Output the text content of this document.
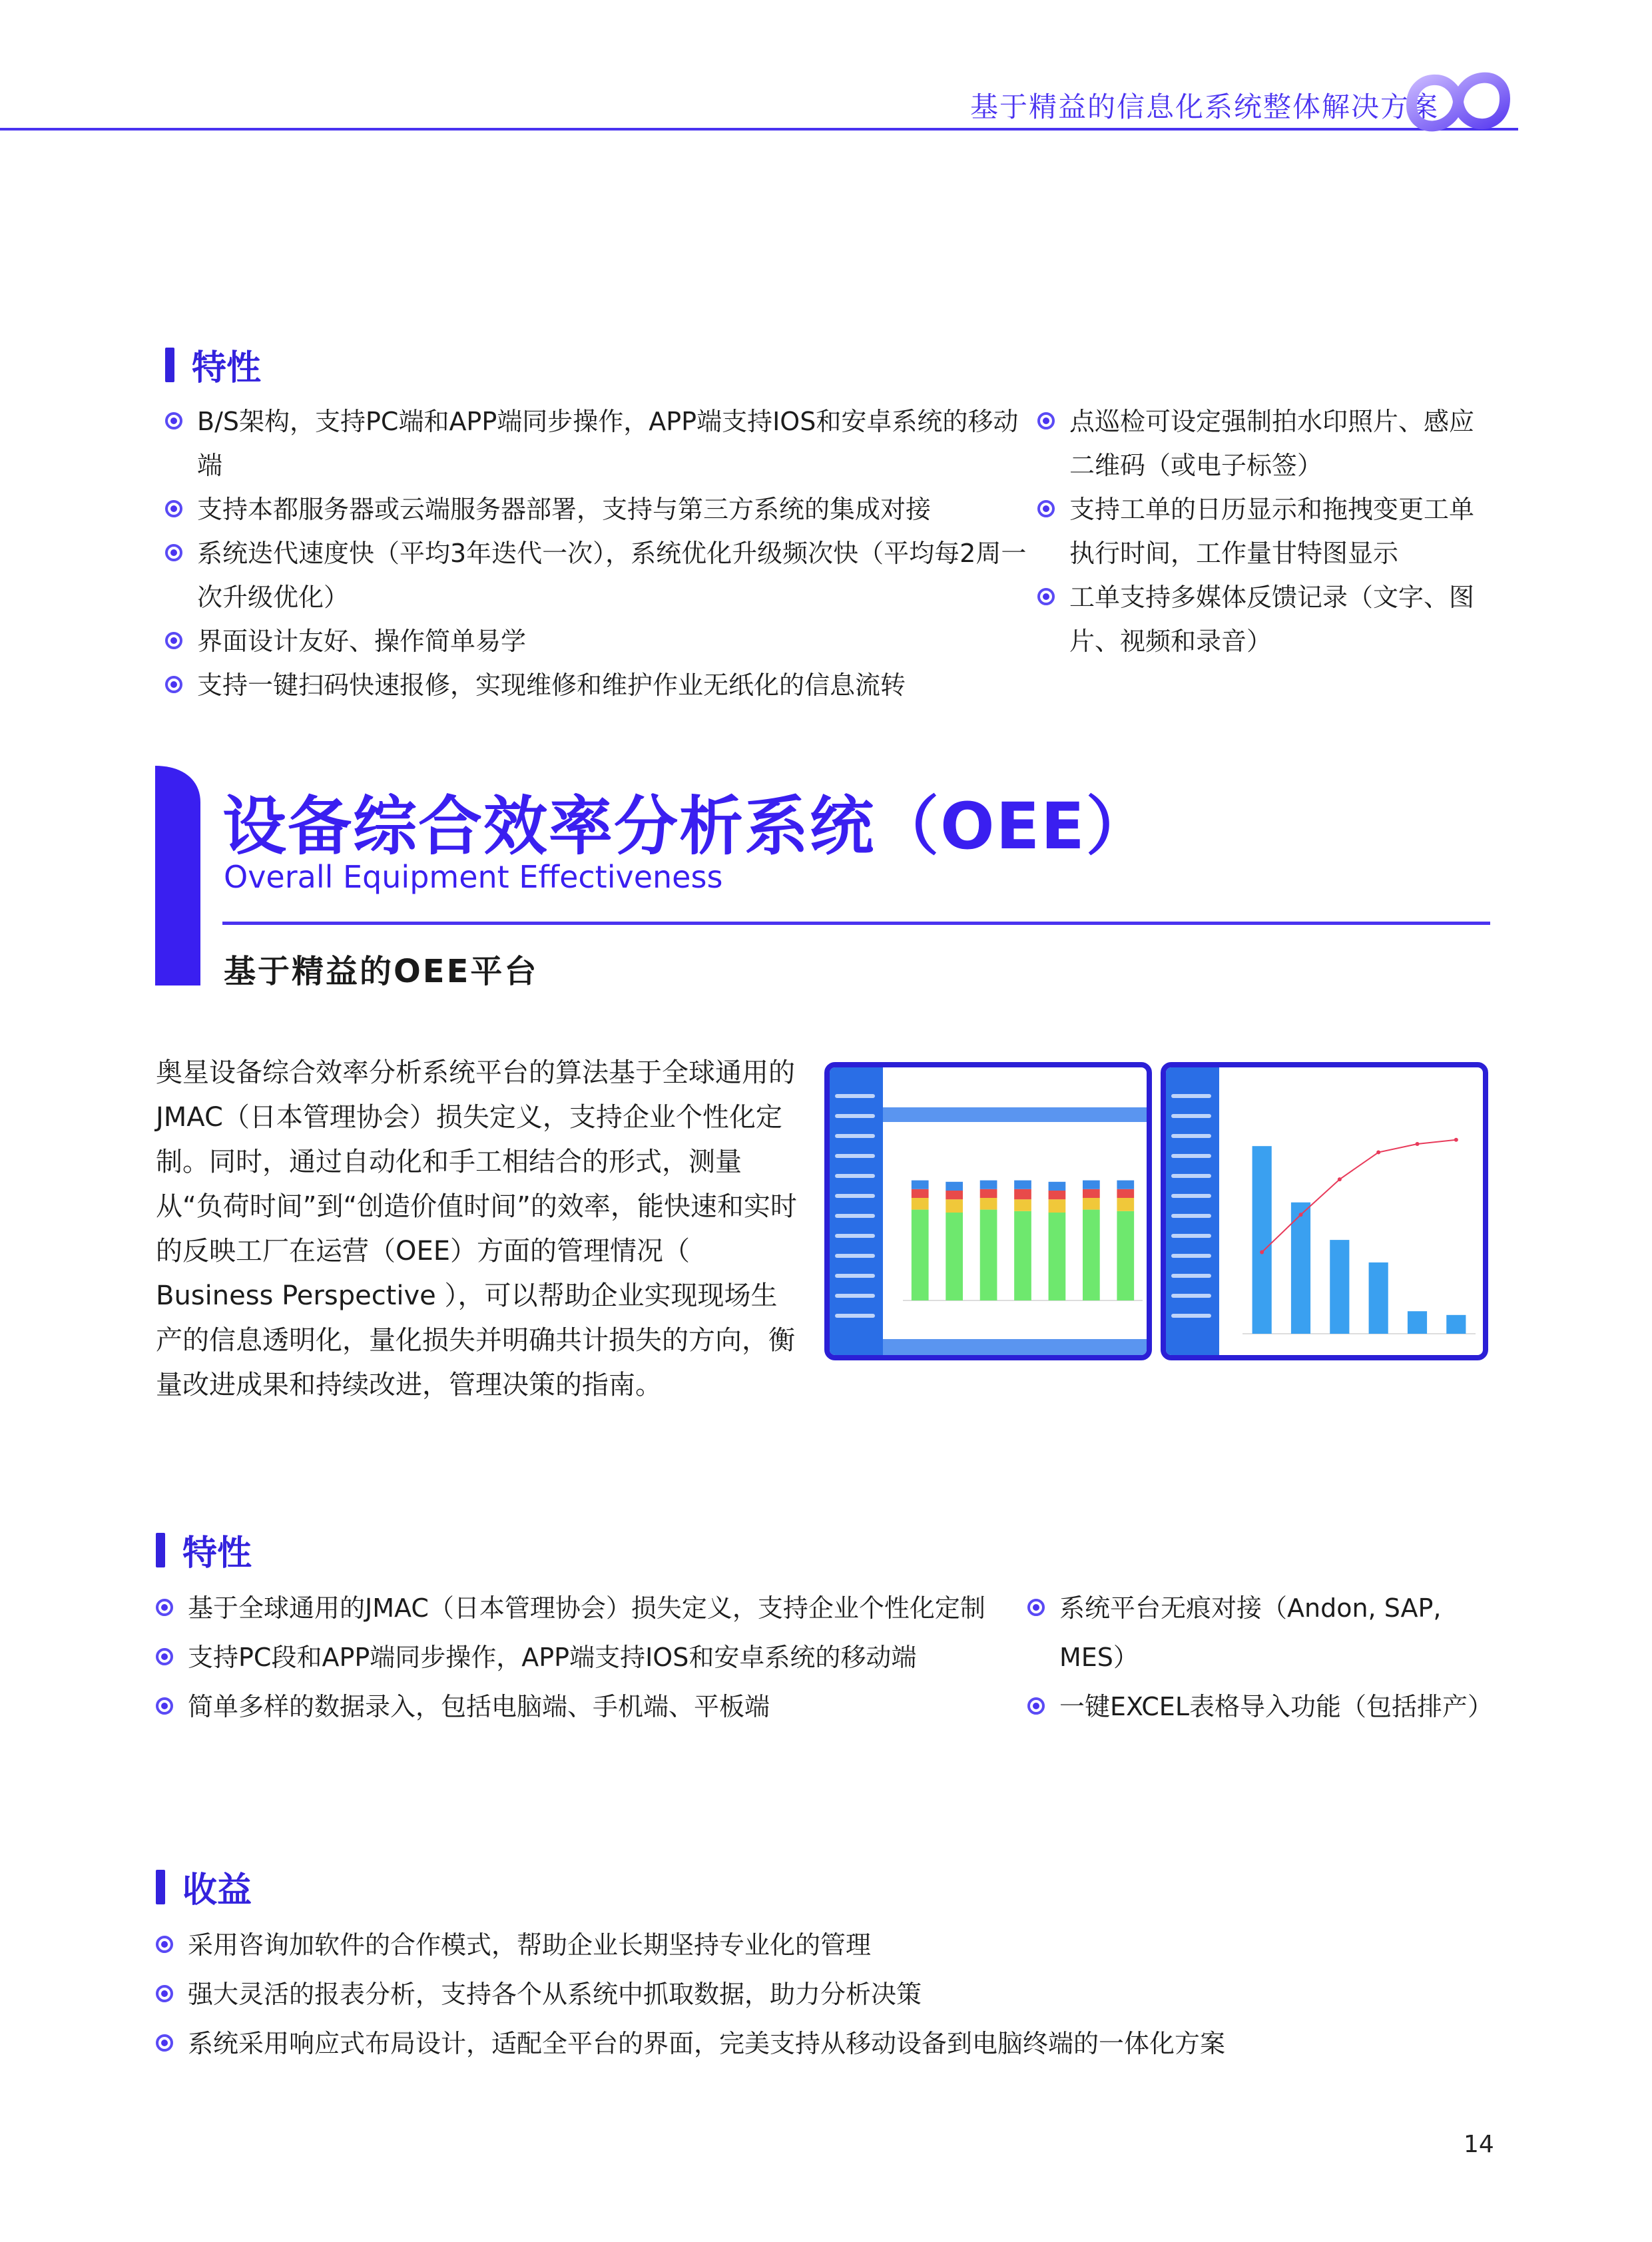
基于精益的信息化系统整体解决方案
特性
B/S架构，支持PC端和APP端同步操作，APP端支持IOS和安卓系统的移动端
支持本都服务器或云端服务器部署，支持与第三方系统的集成对接
系统迭代速度快（平均3年迭代一次），系统优化升级频次快（平均每2周一次升级优化）
界面设计友好、操作简单易学
支持一键扫码快速报修，实现维修和维护作业无纸化的信息流转
点巡检可设定强制拍水印照片、感应二维码（或电子标签）
支持工单的日历显示和拖拽变更工单执行时间，工作量甘特图显示
工单支持多媒体反馈记录（文字、图片、视频和录音）
设备综合效率分析系统（OEE）
Overall Equipment Effectiveness
基于精益的OEE平台
奥星设备综合效率分析系统平台的算法基于全球通用的JMAC（日本管理协会）损失定义，支持企业个性化定制。同时，通过自动化和手工相结合的形式，测量从“负荷时间”到“创造价值时间”的效率，能快速和实时的反映工厂在运营（OEE）方面的管理情况（ Business Perspective ），可以帮助企业实现现场生产的信息透明化，量化损失并明确共计损失的方向，衡量改进成果和持续改进，管理决策的指南。
特性
基于全球通用的JMAC（日本管理协会）损失定义，支持企业个性化定制
支持PC段和APP端同步操作，APP端支持IOS和安卓系统的移动端
简单多样的数据录入，包括电脑端、手机端、平板端
系统平台无痕对接（Andon, SAP, MES）
一键EXCEL表格导入功能（包括排产）
收益
采用咨询加软件的合作模式，帮助企业长期坚持专业化的管理
强大灵活的报表分析，支持各个从系统中抓取数据，助力分析决策
系统采用响应式布局设计，适配全平台的界面，完美支持从移动设备到电脑终端的一体化方案
14
